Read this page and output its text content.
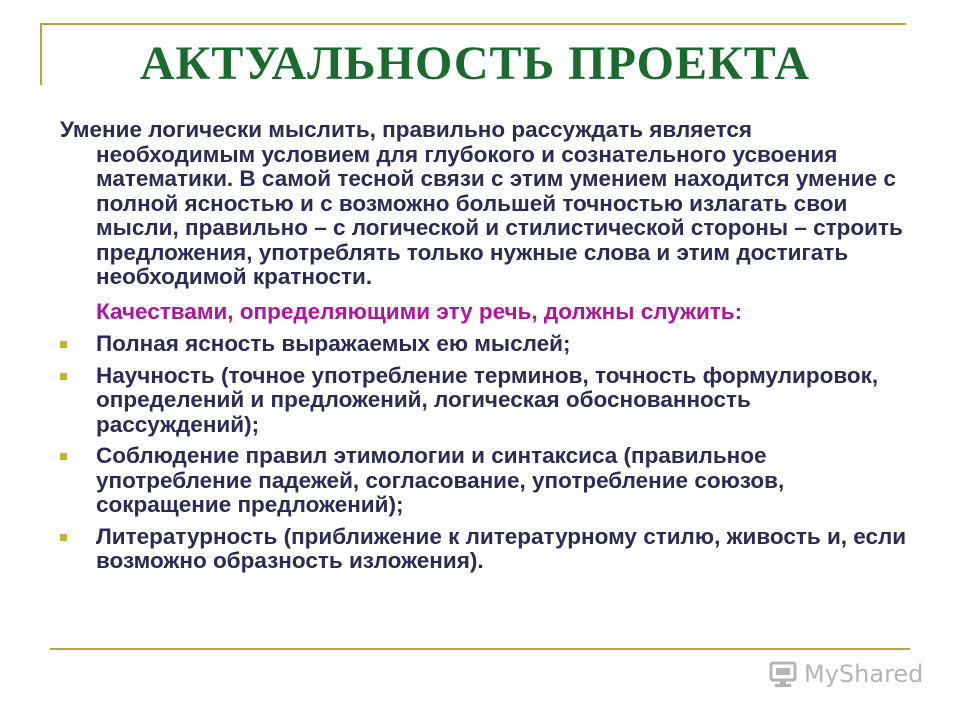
АКТУАЛЬНОСТЬ ПРОЕКТА

Умение логически мыслить, правильно рассуждать является необходимым условием для глубокого и сознательного усвоения математики. В самой тесной связи с этим умением находится умение с полной ясностью и с возможно большей точностью излагать свои мысли, правильно – с логической и стилистической стороны – строить предложения, употреблять только нужные слова и этим достигать необходимой кратности.

Качествами, определяющими эту речь, должны служить:
Полная ясность выражаемых ею мыслей;
Научность (точное употребление терминов, точность формулировок, определений и предложений, логическая обоснованность рассуждений);
Соблюдение правил этимологии и синтаксиса (правильное употребление падежей, согласование, употребление союзов, сокращение предложений);
Литературность (приближение к литературному стилю, живость и, если возможно образность изложения).
MyShared
